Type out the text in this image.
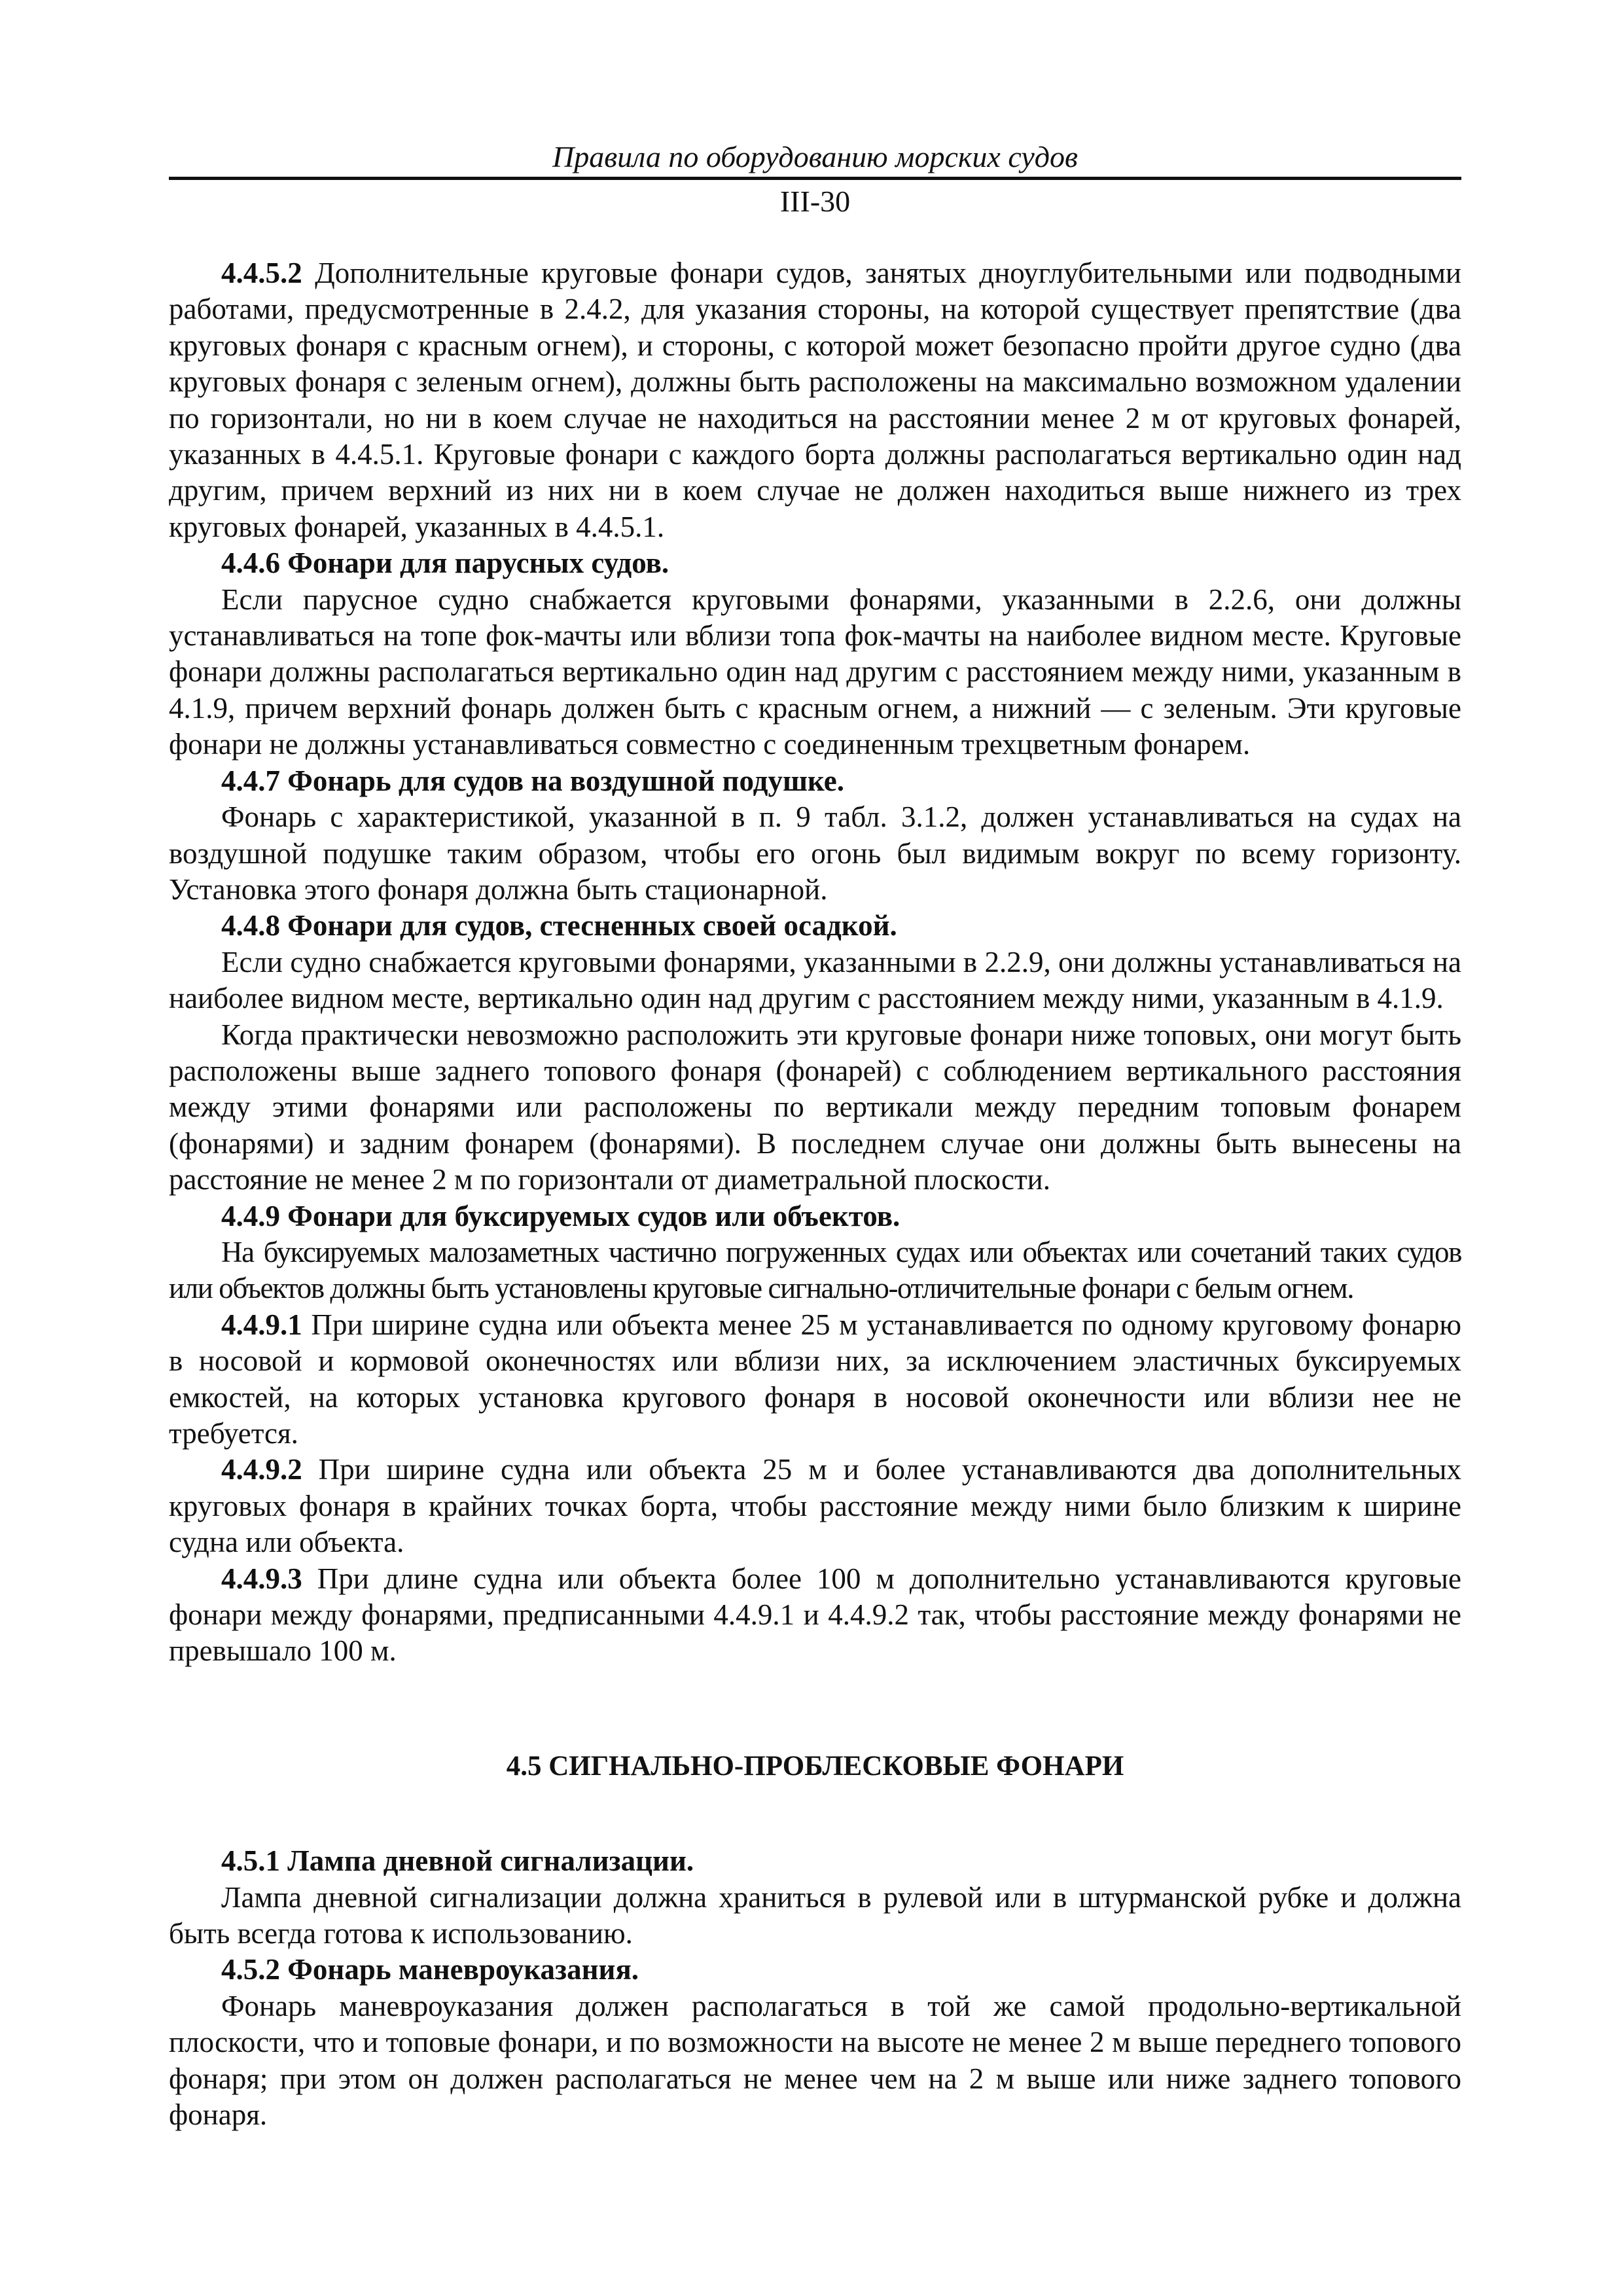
Правила по оборудованию морских судов
III-30

4.4.5.2 Дополнительные круговые фонари судов, занятых дноуглубительными или подводными работами, предусмотренные в 2.4.2, для указания стороны, на которой существует препятствие (два круговых фонаря с красным огнем), и стороны, с которой может безопасно пройти другое судно (два круговых фонаря с зеленым огнем), должны быть расположены на максимально возможном удалении по горизонтали, но ни в коем случае не находиться на расстоянии менее 2 м от круговых фонарей, указанных в 4.4.5.1. Круговые фонари с каждого борта должны располагаться вертикально один над другим, причем верхний из них ни в коем случае не должен находиться выше нижнего из трех круговых фонарей, указанных в 4.4.5.1.

4.4.6 Фонари для парусных судов.

Если парусное судно снабжается круговыми фонарями, указанными в 2.2.6, они должны устанавливаться на топе фок-мачты или вблизи топа фок-мачты на наиболее видном месте. Круговые фонари должны располагаться вертикально один над другим с расстоянием между ними, указанным в 4.1.9, причем верхний фонарь должен быть с красным огнем, а нижний — с зеленым. Эти круговые фонари не должны устанавливаться совместно с соединенным трехцветным фонарем.

4.4.7 Фонарь для судов на воздушной подушке.

Фонарь с характеристикой, указанной в п. 9 табл. 3.1.2, должен устанавливаться на судах на воздушной подушке таким образом, чтобы его огонь был видимым вокруг по всему горизонту. Установка этого фонаря должна быть стационарной.

4.4.8 Фонари для судов, стесненных своей осадкой.

Если судно снабжается круговыми фонарями, указанными в 2.2.9, они должны устанавливаться на наиболее видном месте, вертикально один над другим с расстоянием между ними, указанным в 4.1.9.

Когда практически невозможно расположить эти круговые фонари ниже топовых, они могут быть расположены выше заднего топового фонаря (фонарей) с соблюдением вертикального расстояния между этими фонарями или расположены по вертикали между передним топовым фонарем (фонарями) и задним фонарем (фонарями). В последнем случае они должны быть вынесены на расстояние не менее 2 м по горизонтали от диаметральной плоскости.

4.4.9 Фонари для буксируемых судов или объектов.

На буксируемых малозаметных частично погруженных судах или объектах или сочетаний таких судов или объектов должны быть установлены круговые сигнально-отличительные фонари с белым огнем.

4.4.9.1 При ширине судна или объекта менее 25 м устанавливается по одному круговому фонарю в носовой и кормовой оконечностях или вблизи них, за исключением эластичных буксируемых емкостей, на которых установка кругового фонаря в носовой оконечности или вблизи нее не требуется.

4.4.9.2 При ширине судна или объекта 25 м и более устанавливаются два дополнительных круговых фонаря в крайних точках борта, чтобы расстояние между ними было близким к ширине судна или объекта.

4.4.9.3 При длине судна или объекта более 100 м дополнительно устанавливаются круговые фонари между фонарями, предписанными 4.4.9.1 и 4.4.9.2 так, чтобы расстояние между фонарями не превышало 100 м.

4.5 СИГНАЛЬНО-ПРОБЛЕСКОВЫЕ ФОНАРИ

4.5.1 Лампа дневной сигнализации.

Лампа дневной сигнализации должна храниться в рулевой или в штурманской рубке и должна быть всегда готова к использованию.

4.5.2 Фонарь маневроуказания.

Фонарь маневроуказания должен располагаться в той же самой продольно-вертикальной плоскости, что и топовые фонари, и по возможности на высоте не менее 2 м выше переднего топового фонаря; при этом он должен располагаться не менее чем на 2 м выше или ниже заднего топового фонаря.
